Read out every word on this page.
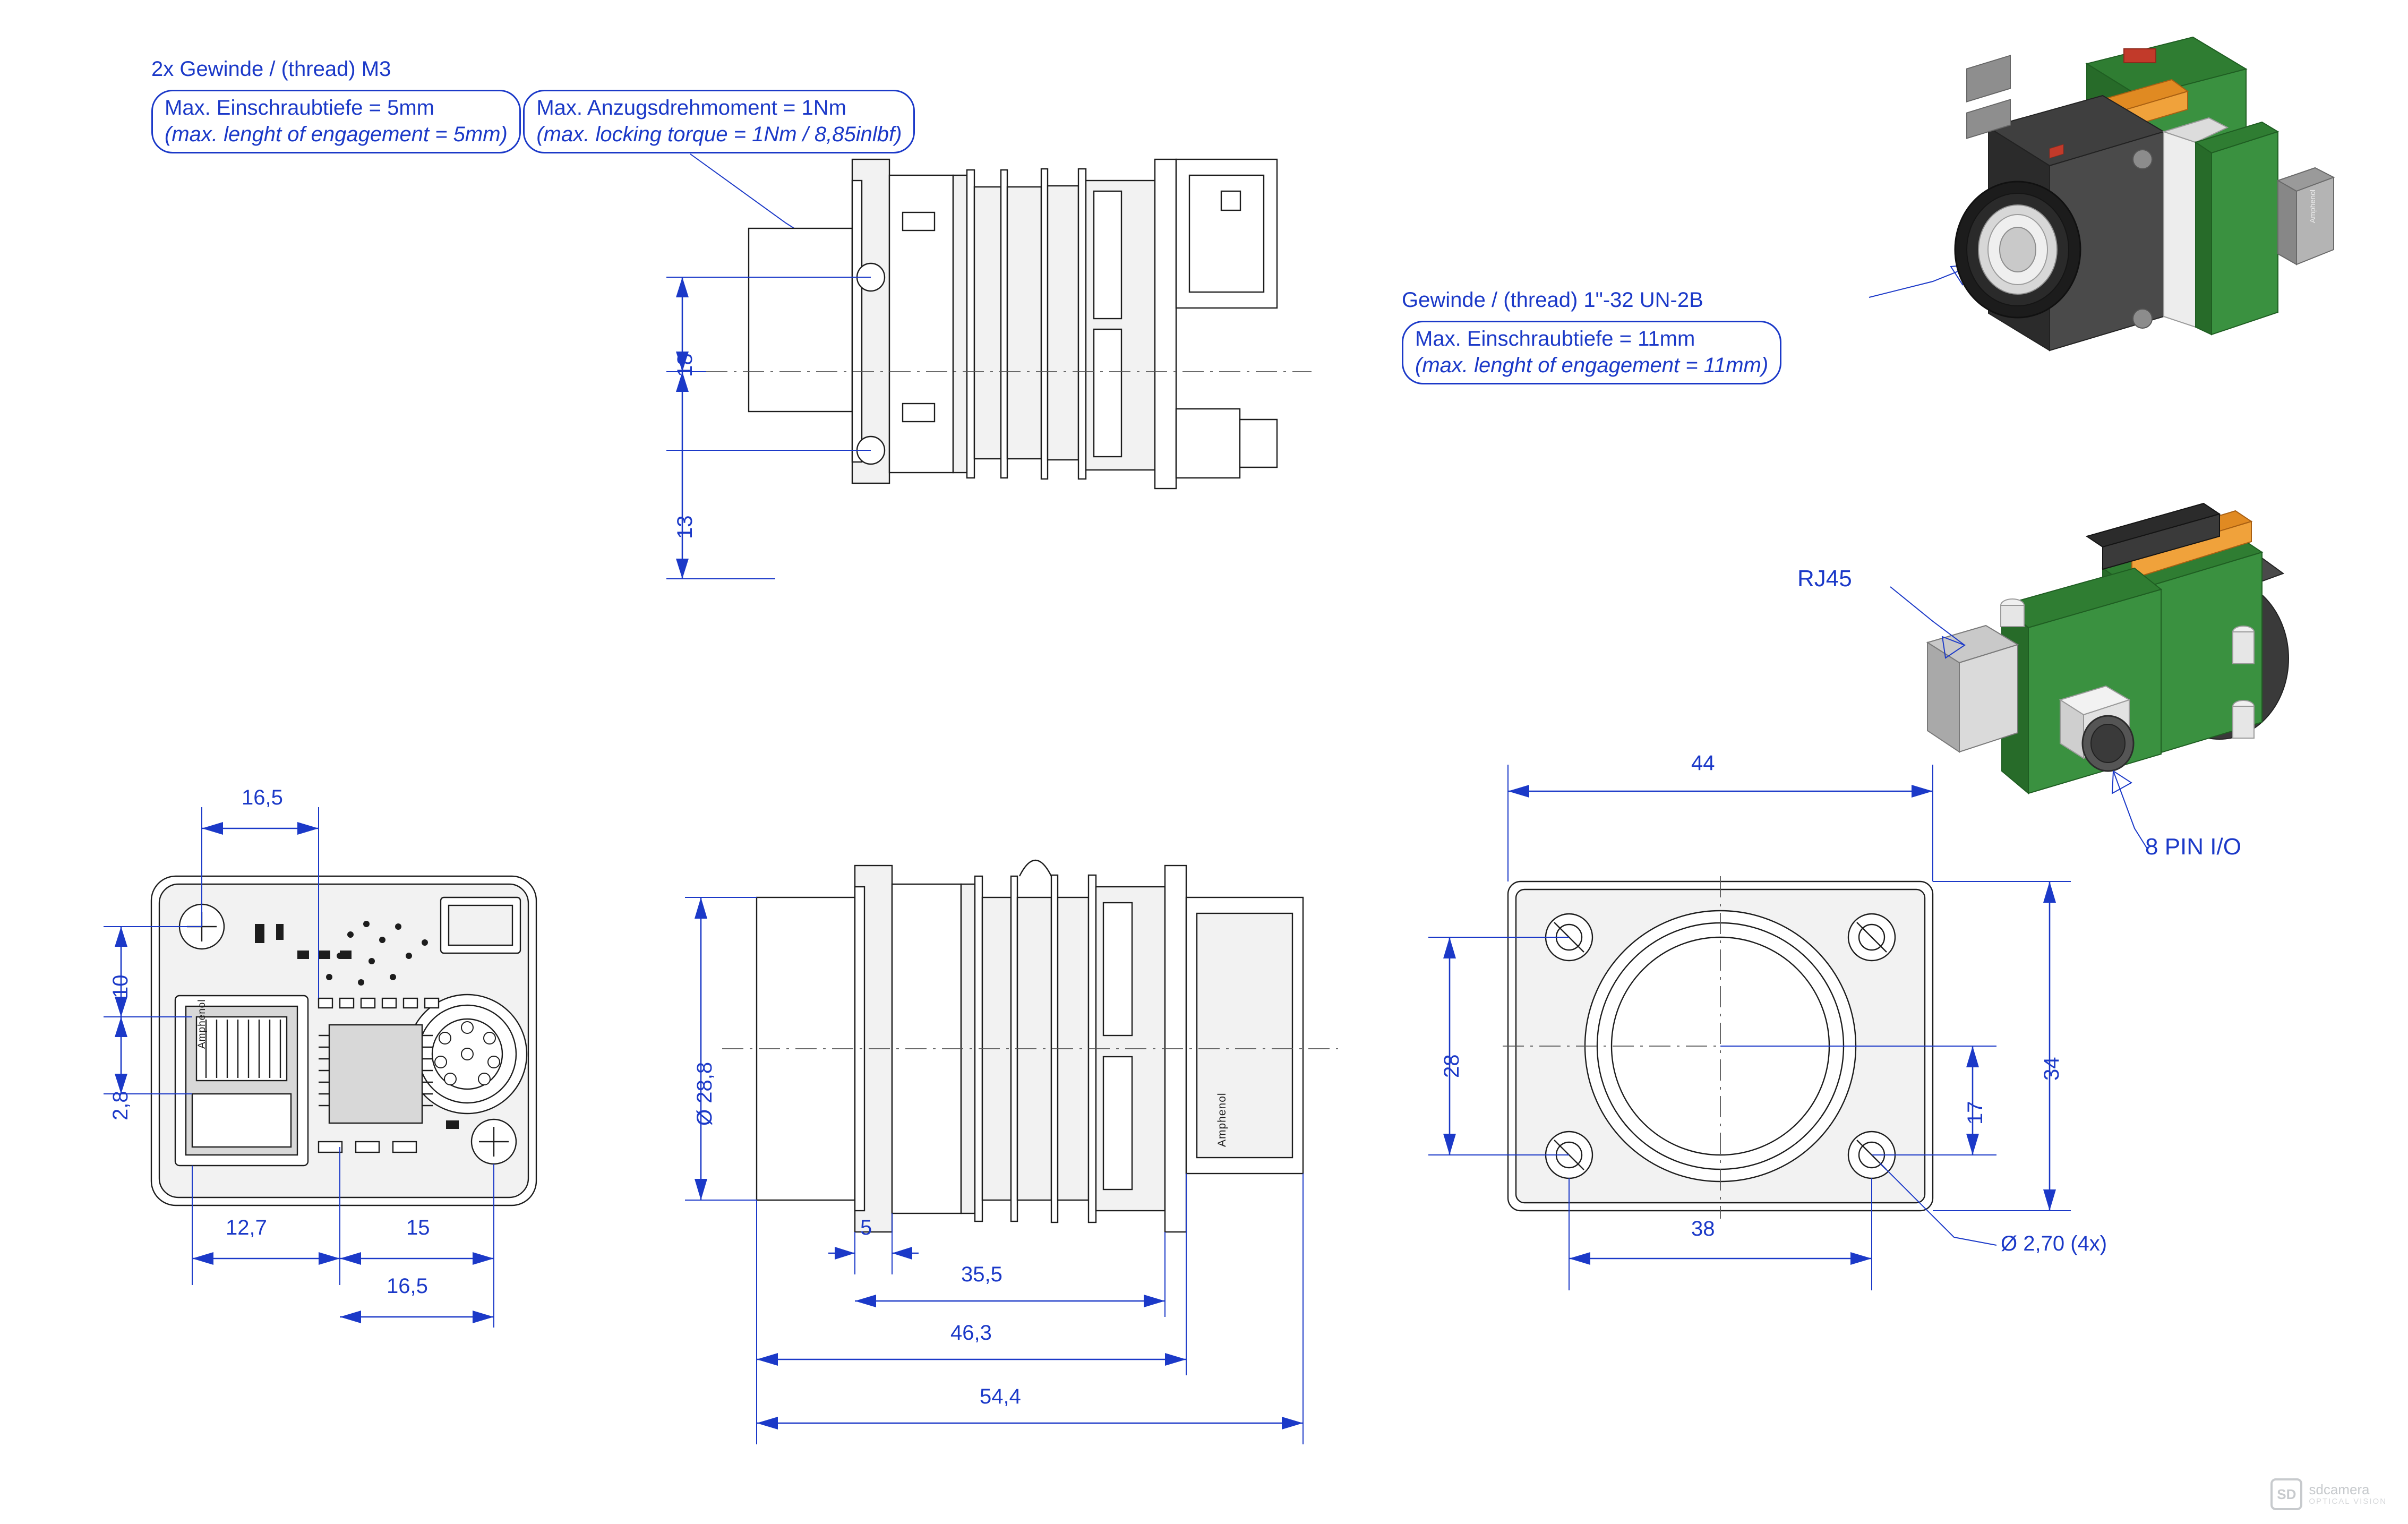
2x Gewinde / (thread) M3
Max. Einschraubtiefe = 5mm
(max. lenght of engagement = 5mm)

Max. Anzugsdrehmoment = 1Nm
(max. locking torque = 1Nm / 8,85inlbf)
Gewinde / (thread) 1"-32 UN-2B
Max. Einschraubtiefe = 11mm
(max. lenght of engagement = 11mm)
18
13
16,5
10
2,8
12,7	15
16,5
Amphenol
Ø 28,8
5
35,5
46,3
54,4
Amphenol
44
28	34
17
38
Ø 2,70 (4x)
Amphenol
RJ45
8 PIN I/O
SD sdcamera
OPTICAL VISION
